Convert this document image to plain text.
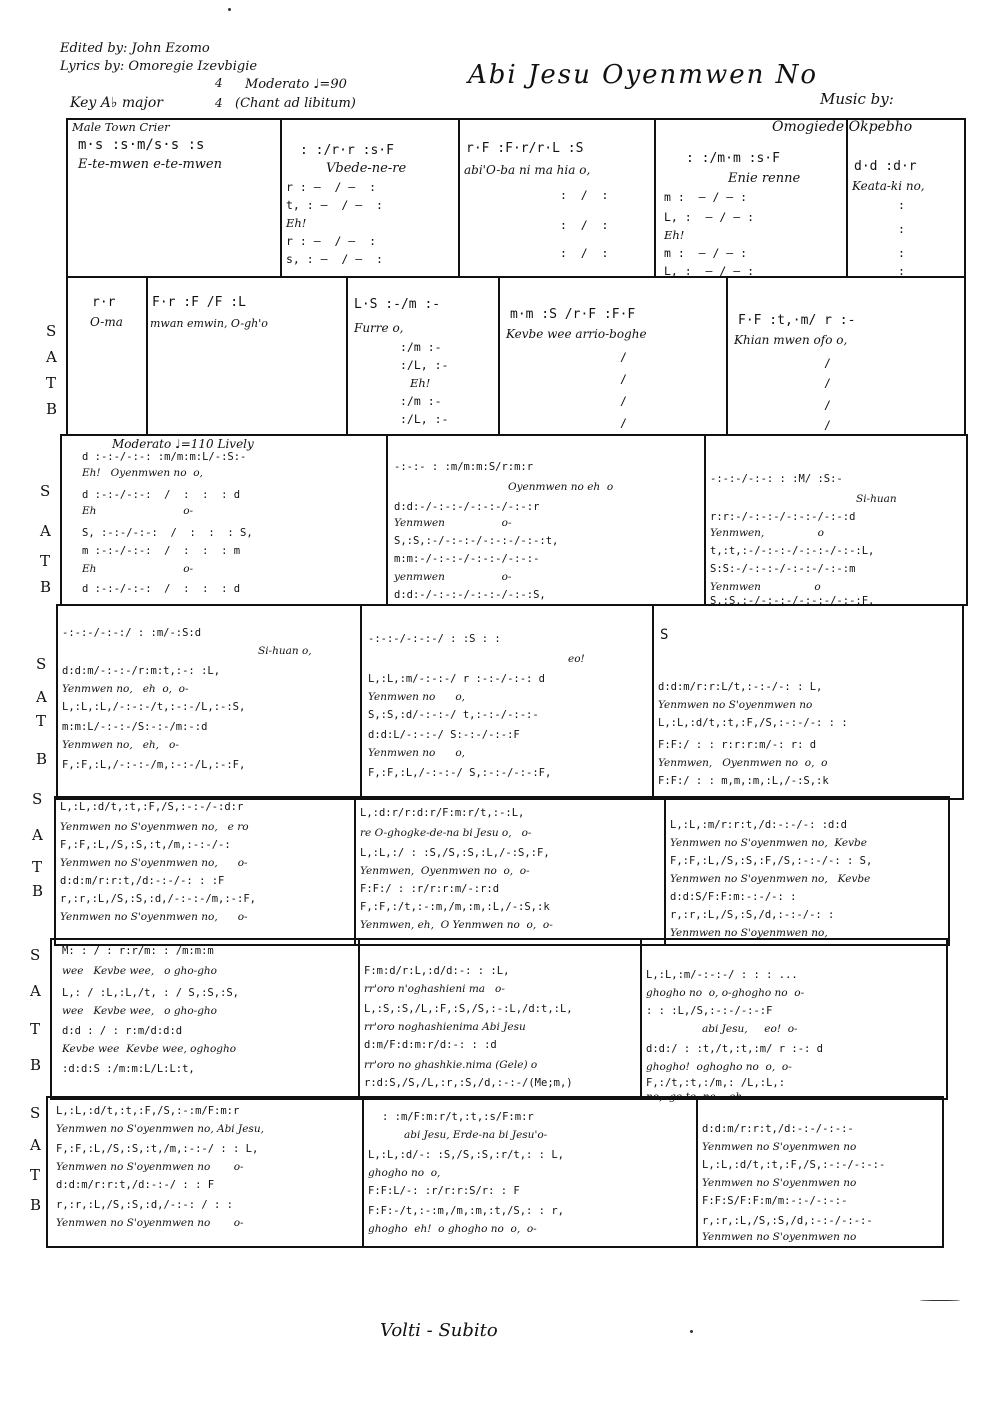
Edited by: John Ezomo
Lyrics by: Omoregie Izevbigie
4 Moderato ♩=90
Key A♭ major	4 (Chant ad libitum)
Abi Jesu Oyenmwen No
Music by:
Omogiede Okpebho
S
A
T
B
S
A
T
B
S
A
T
B
S
A
T
B
S
A
T
B
S
A
T
B
Male Town Crier
m·s :s·m/s·s :s
E-te-mwen e-te-mwen
: :/r·r :s·F
Vbede-ne-re
r : —  / —  :
t, : —  / —  :
Eh!
r : —  / —  :
s, : —  / —  :
r·F :F·r/r·L :S
abi'O-ba ni ma hia o,
:  /  :
:  /  :
:  /  :
: :/m·m :s·F
Enie renne
m :  — / — :
L, :  — / — :
Eh!
m :  — / — :
L, :  — / — :
d·d :d·r
Keata-ki no,
:
:
:
:
r·r
O-ma
F·r :F /F :L
mwan emwin, O-gh'o
L·S :-/m :-
Furre o,
:/m :-
:/L, :-
Eh!
:/m :-
:/L, :-
m·m :S /r·F :F·F
Kevbe wee arrio-boghe
/
/
/
/
F·F :t,·m/ r :-
Khian mwen ofo o,
/
/
/
/
Moderato ♩=110 Lively
d :-:-/-:-: :m/m:m:L/-:S:-
Eh!   Oyenmwen no  o,
d :-:-/-:-:  /  :  :  : d
Eh                          o-
S, :-:-/-:-:  /  :  :  : S,
m :-:-/-:-:  /  :  :  : m
Eh                          o-
d :-:-/-:-:  /  :  :  : d
-:-:- : :m/m:m:S/r:m:r
Oyenmwen no eh  o
d:d:-/-:-:-/-:-:-/-:-:r
Yenmwen                 o-
S,:S,:-/-:-:-/-:-:-/-:-:t,
m:m:-/-:-:-/-:-:-/-:-:-
yenmwen                 o-
d:d:-/-:-:-/-:-:-/-:-:S,
-:-:-/-:-: : :M/ :S:-
Si-huan
r:r:-/-:-:-/-:-:-/-:-:d
Yenmwen,                o
t,:t,:-/-:-:-/-:-:-/-:-:L,
S:S:-/-:-:-/-:-:-/-:-:m
Yenmwen                o
S,:S,:-/-:-:-/-:-:-/-:-:F,
-:-:-/-:-:/ : :m/-:S:d
Si-huan o,
d:d:m/-:-:-/r:m:t,:-: :L,
Yenmwen no,   eh  o,  o-
L,:L,:L,/-:-:-/t,:-:-/L,:-:S,
m:m:L/-:-:-/S:-:-/m:-:d
Yenmwen no,   eh,   o-
F,:F,:L,/-:-:-/m,:-:-/L,:-:F,
-:-:-/-:-:-/ : :S : :
eo!
L,:L,:m/-:-:-/ r :-:-/-:-: d
Yenmwen no      o,
S,:S,:d/-:-:-/ t,:-:-/-:-:-
d:d:L/-:-:-/ S:-:-/-:-:F
Yenmwen no      o,
F,:F,:L,/-:-:-/ S,:-:-/-:-:F,
S
d:d:m/r:r:L/t,:-:-/-: : L,
Yenmwen no S'oyenmwen no
L,:L,:d/t,:t,:F,/S,:-:-/-: : :
F:F:/ : : r:r:r:m/-: r: d
Yenmwen,   Oyenmwen no  o,  o
F:F:/ : : m,m,:m,:L,/-:S,:k
L,:L,:d/t,:t,:F,/S,:-:-/-:d:r
Yenmwen no S'oyenmwen no,   e ro
F,:F,:L,/S,:S,:t,/m,:-:-/-:
Yenmwen no S'oyenmwen no,      o-
d:d:m/r:r:t,/d:-:-/-: : :F
r,:r,:L,/S,:S,:d,/-:-:-/m,:-:F,
Yenmwen no S'oyenmwen no,      o-
L,:d:r/r:d:r/F:m:r/t,:-:L,
re O-ghogke-de-na bi Jesu o,   o-
L,:L,:/ : :S,/S,:S,:L,/-:S,:F,
Yenmwen,  Oyenmwen no  o,  o-
F:F:/ : :r/r:r:m/-:r:d
F,:F,:/t,:-:m,/m,:m,:L,/-:S,:k
Yenmwen, eh,  O Yenmwen no  o,  o-
L,:L,:m/r:r:t,/d:-:-/-: :d:d
Yenmwen no S'oyenmwen no,  Kevbe
F,:F,:L,/S,:S,:F,/S,:-:-/-: : S,
Yenmwen no S'oyenmwen no,   Kevbe
d:d:S/F:F:m:-:-/-: :
r,:r,:L,/S,:S,/d,:-:-/-: :
Yenmwen no S'oyenmwen no,
M: : / : r:r/m: : /m:m:m
wee   Kevbe wee,   o gho-gho
L,: / :L,:L,/t, : / S,:S,:S,
wee   Kevbe wee,   o gho-gho
d:d : / : r:m/d:d:d
Kevbe wee  Kevbe wee, oghogho
:d:d:S :/m:m:L/L:L:t,
F:m:d/r:L,:d/d:-: : :L,
rr'oro n'oghashieni ma   o-
L,:S,:S,/L,:F,:S,/S,:-:L,/d:t,:L,
rr'oro noghashienima Abi Jesu
d:m/F:d:m:r/d:-: : :d
rr'oro no ghashkie.nima (Gele) o
r:d:S,/S,/L,:r,:S,/d,:-:-/(Me;m,)
L,:L,:m/-:-:-/ : : : ...
ghogho no  o, o-ghogho no  o-
: : :L,/S,:-:-/-:-:F
abi Jesu,     eo!  o-
d:d:/ : :t,/t,:t,:m/ r :-: d
ghogho!  oghogho no  o,  o-
F,:/t,:t,:/m,: /L,:L,:
no,  ge-te  no    eh
L,:L,:d/t,:t,:F,/S,:-:m/F:m:r
Yenmwen no S'oyenmwen no, Abi Jesu,
F,:F,:L,/S,:S,:t,/m,:-:-/ : : L,
Yenmwen no S'oyenmwen no       o-
d:d:m/r:r:t,/d:-:-/ : : F
r,:r,:L,/S,:S,:d,/-:-: / : :
Yenmwen no S'oyenmwen no       o-
: :m/F:m:r/t,:t,:s/F:m:r
abi Jesu, Erde-na bi Jesu'o-
L,:L,:d/-: :S,/S,:S,:r/t,: : L,
ghogho no  o,
F:F:L/-: :r/r:r:S/r: : F
F:F:-/t,:-:m,/m,:m,:t,/S,: : r,
ghogho  eh!  o ghogho no  o,  o-
d:d:m/r:r:t,/d:-:-/-:-:-
Yenmwen no S'oyenmwen no
L,:L,:d/t,:t,:F,/S,:-:-/-:-:-
Yenmwen no S'oyenmwen no
F:F:S/F:F:m/m:-:-/-:-:-
r,:r,:L,/S,:S,/d,:-:-/-:-:-
Yenmwen no S'oyenmwen no
Volti - Subito
